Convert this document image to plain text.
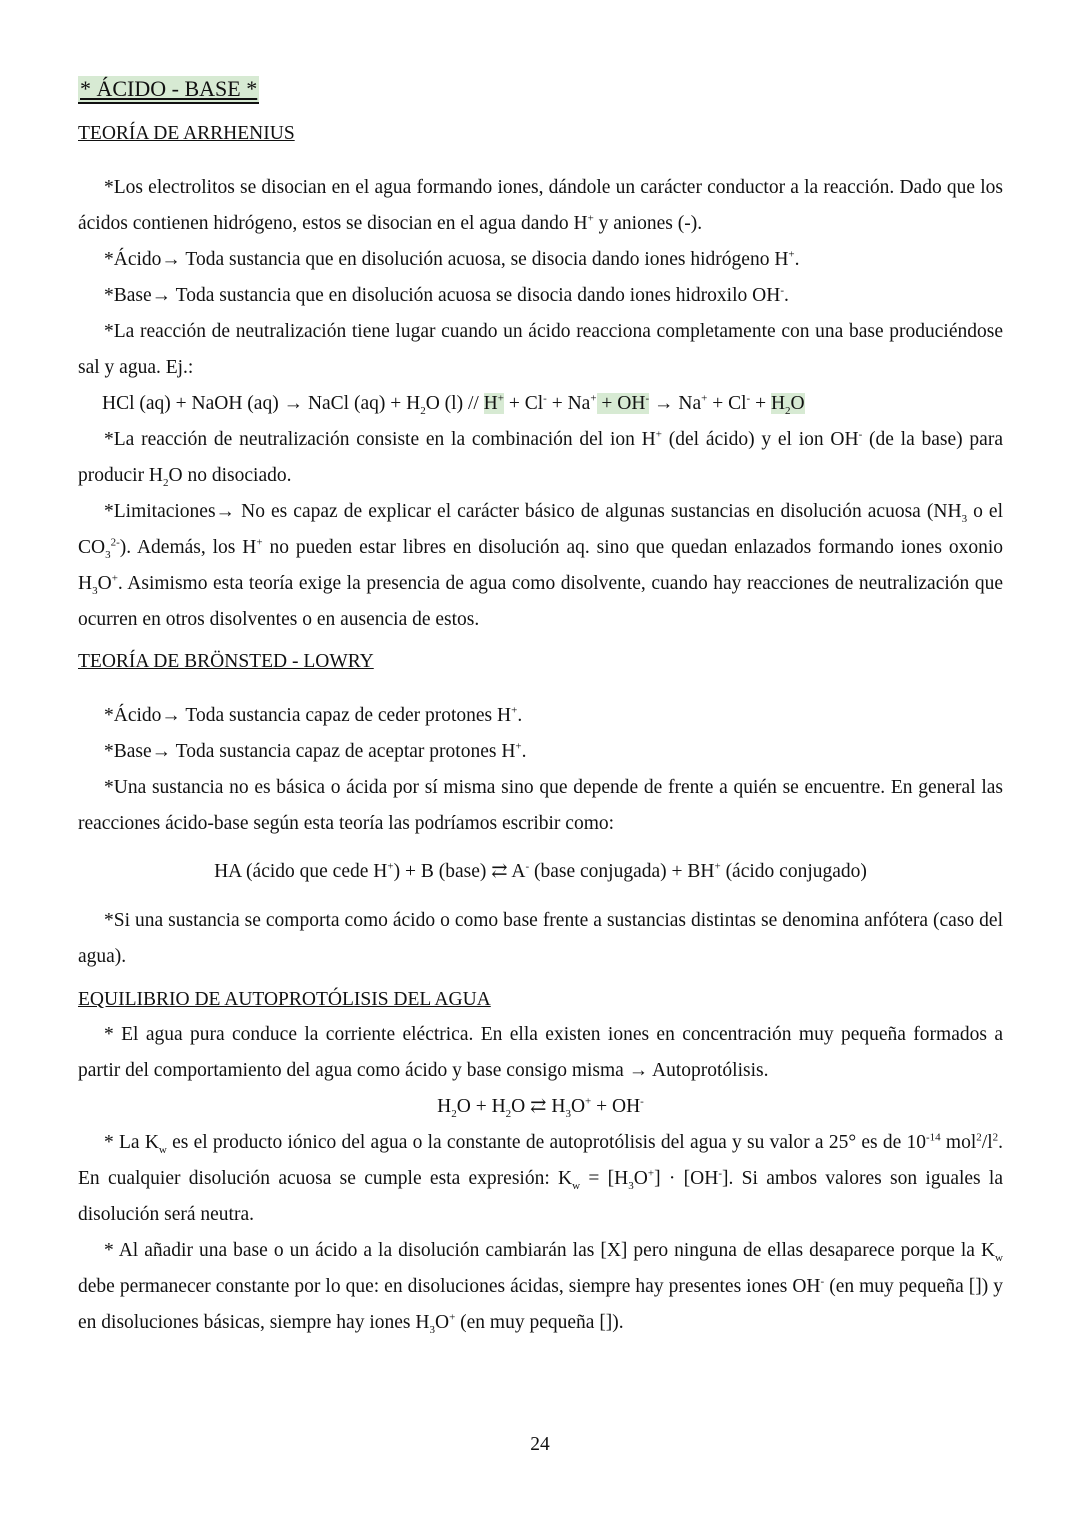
* ÁCIDO - BASE *
TEORÍA DE ARRHENIUS

*Los electrolitos se disocian en el agua formando iones, dándole un carácter conductor a la reacción. Dado que los ácidos contienen hidrógeno, estos se disocian en el agua dando H+ y aniones (-).

*Ácido→ Toda sustancia que en disolución acuosa, se disocia dando iones hidrógeno H+.

*Base→ Toda sustancia que en disolución acuosa se disocia dando iones hidroxilo OH-.

*La reacción de neutralización tiene lugar cuando un ácido reacciona completamente con una base produciéndose sal y agua. Ej.:

HCl (aq) + NaOH (aq) → NaCl $(aq) + H_2O$ $(l) // H^+ + Cl^- + Na^+ + OH^- \to Na^+ + Cl^- + H_2O$

*La reacción de neutralización consiste en la combinación del ion H+ (del ácido) y el ion OH- (de la base) para producir $H_2O$ no disociado.

*Limitaciones→ No es capaz de explicar el carácter básico de algunas sustancias en disolución acuosa ($NH_3$ o el $CO_3^{2-}$). Además, los H+ no pueden estar libres en disolución aq. sino que quedan enlazados formando iones oxonio $H_3O^+$. Asimismo esta teoría exige la presencia de agua como disolvente, cuando hay reacciones de neutralización que ocurren en otros disolventes o en ausencia de estos.

TEORÍA DE BRÖNSTED - LOWRY

*Ácido→ Toda sustancia capaz de ceder protones H+.

*Base→ Toda sustancia capaz de aceptar protones H+.

*Una sustancia no es básica o ácida por sí misma sino que depende de frente a quién se encuentre. En general las reacciones ácido-base según esta teoría las podríamos escribir como:

HA (ácido que cede H+) + B (base) ⇄ A- (base conjugada) + BH+ (ácido conjugado)

*Si una sustancia se comporta como ácido o como base frente a sustancias distintas se denomina anfótera (caso del agua).

EQUILIBRIO DE AUTOPROTÓLISIS DEL AGUA

* El agua pura conduce la corriente eléctrica. En ella existen iones en concentración muy pequeña formados a partir del comportamiento del agua como ácido y base consigo misma → Autoprotólisis.

$H_2O + H_2O$ ⇄ $H_3O^+ + OH^-$

* La $K_w$ es el producto iónico del agua o la constante de autoprotólisis del agua y su valor a 25° es de $10^{-14}$ $mol^2/l^2$. En cualquier disolución acuosa se cumple esta expresión: $K_w = [H_3O^+] \cdot [OH^-]$. Si ambos valores son iguales la disolución será neutra.

* Al añadir una base o un ácido a la disolución cambiarán las [X] pero ninguna de ellas desaparece porque la $K_w$ debe permanecer constante por lo que: en disoluciones ácidas, siempre hay presentes iones OH- (en muy pequeña []) y en disoluciones básicas, siempre hay iones $H_3O^+$ (en muy pequeña []).

24
